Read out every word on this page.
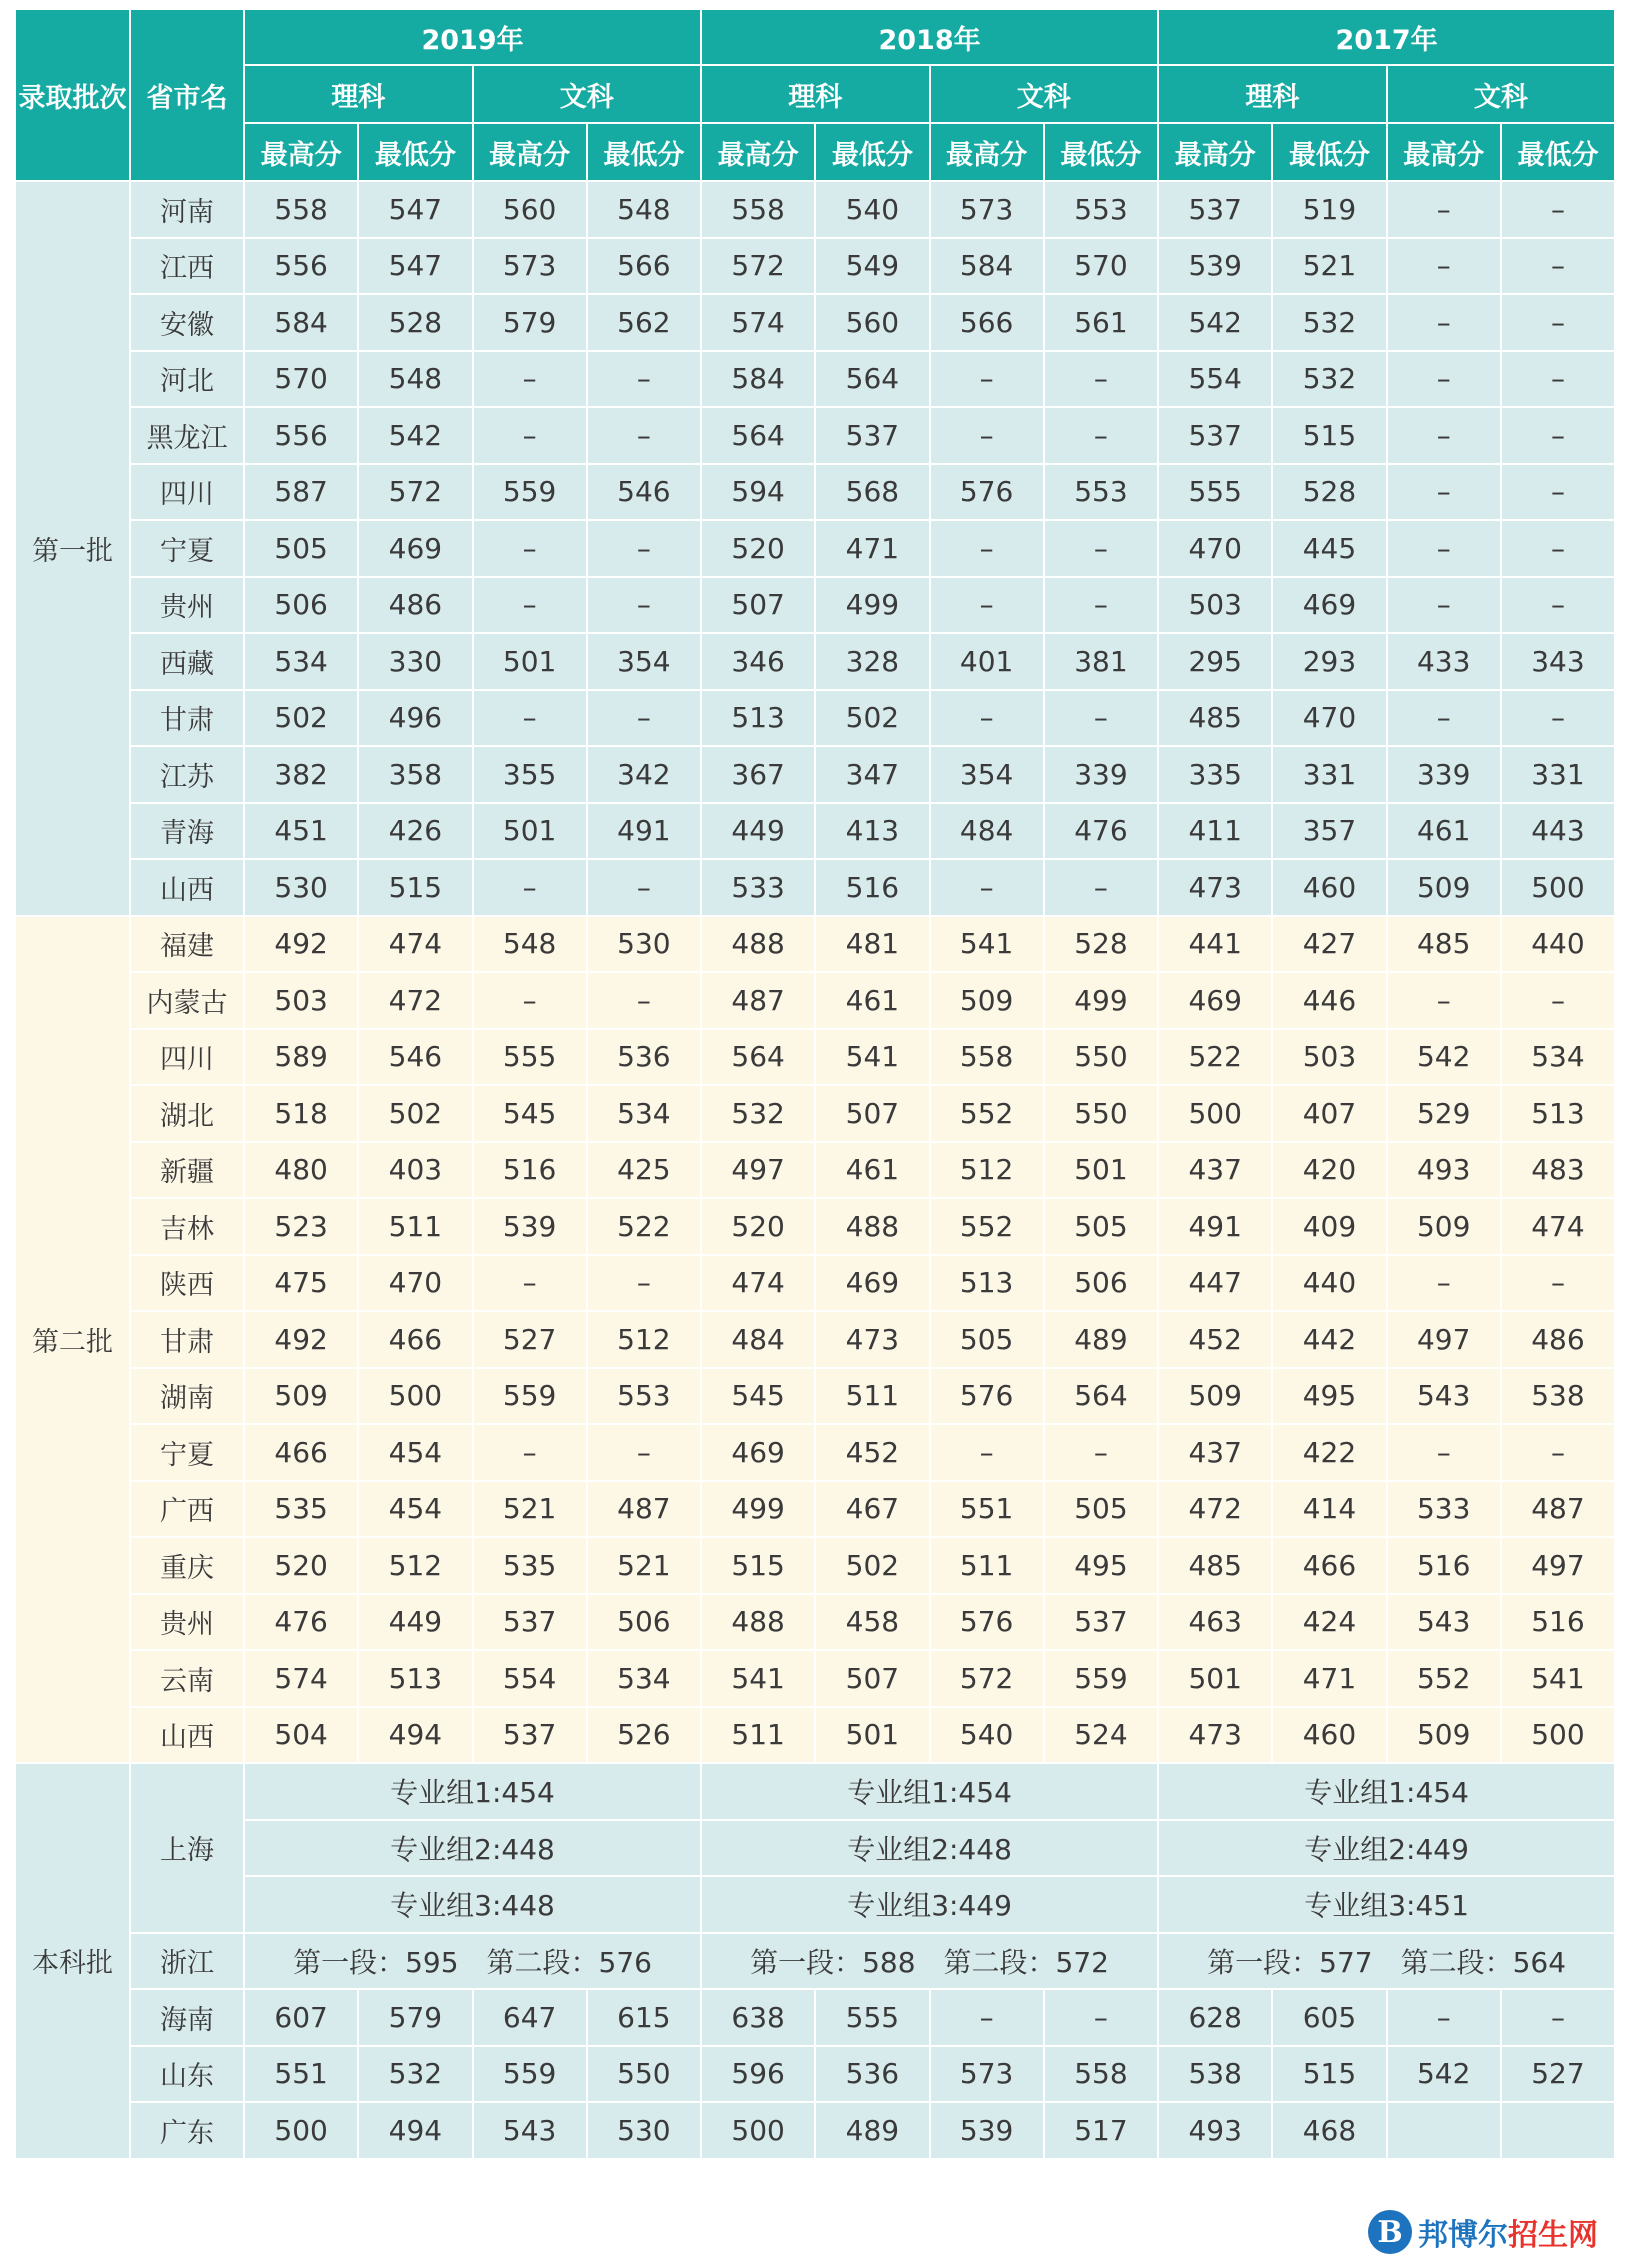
录取批次	省市名	2019年				2018年				2017年			
		理科		文科		理科		文科		理科		文科	
		最高分	最低分	最高分	最低分	最高分	最低分	最高分	最低分	最高分	最低分	最高分	最低分
第一批	河南	558	547	560	548	558	540	573	553	537	519	–	–
	江西	556	547	573	566	572	549	584	570	539	521	–	–
	安徽	584	528	579	562	574	560	566	561	542	532	–	–
	河北	570	548	–	–	584	564	–	–	554	532	–	–
	黑龙江	556	542	–	–	564	537	–	–	537	515	–	–
	四川	587	572	559	546	594	568	576	553	555	528	–	–
	宁夏	505	469	–	–	520	471	–	–	470	445	–	–
	贵州	506	486	–	–	507	499	–	–	503	469	–	–
	西藏	534	330	501	354	346	328	401	381	295	293	433	343
	甘肃	502	496	–	–	513	502	–	–	485	470	–	–
	江苏	382	358	355	342	367	347	354	339	335	331	339	331
	青海	451	426	501	491	449	413	484	476	411	357	461	443
	山西	530	515	–	–	533	516	–	–	473	460	509	500
第二批	福建	492	474	548	530	488	481	541	528	441	427	485	440
	内蒙古	503	472	–	–	487	461	509	499	469	446	–	–
	四川	589	546	555	536	564	541	558	550	522	503	542	534
	湖北	518	502	545	534	532	507	552	550	500	407	529	513
	新疆	480	403	516	425	497	461	512	501	437	420	493	483
	吉林	523	511	539	522	520	488	552	505	491	409	509	474
	陕西	475	470	–	–	474	469	513	506	447	440	–	–
	甘肃	492	466	527	512	484	473	505	489	452	442	497	486
	湖南	509	500	559	553	545	511	576	564	509	495	543	538
	宁夏	466	454	–	–	469	452	–	–	437	422	–	–
	广西	535	454	521	487	499	467	551	505	472	414	533	487
	重庆	520	512	535	521	515	502	511	495	485	466	516	497
	贵州	476	449	537	506	488	458	576	537	463	424	543	516
	云南	574	513	554	534	541	507	572	559	501	471	552	541
	山西	504	494	537	526	511	501	540	524	473	460	509	500
本科批	上海	专业组1:454				专业组1:454				专业组1:454			
		专业组2:448				专业组2:448				专业组2:449			
		专业组3:448				专业组3:449				专业组3:451			
	浙江	第一段：595　第二段：576				第一段：588　第二段：572				第一段：577　第二段：564			
	海南	607	579	647	615	638	555	–	–	628	605	–	–
	山东	551	532	559	550	596	536	573	558	538	515	542	527
	广东	500	494	543	530	500	489	539	517	493	468		
B 邦博尔招生网
